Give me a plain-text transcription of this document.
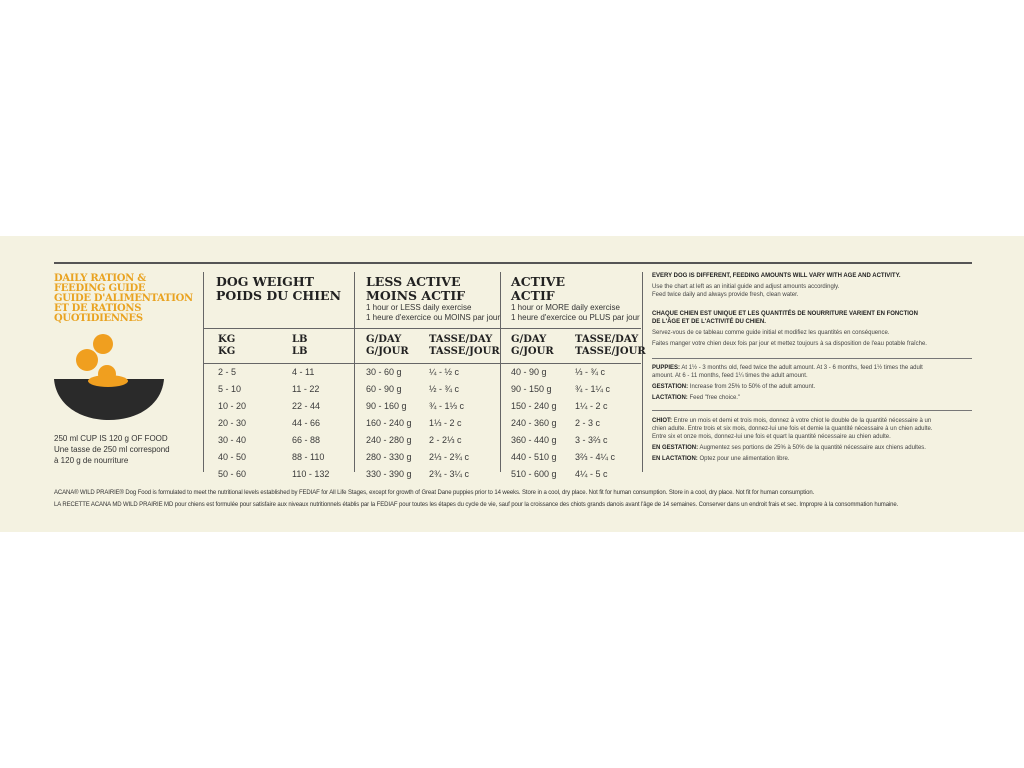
DAILY RATION &
FEEDING GUIDE
GUIDE D'ALIMENTATION
ET DE RATIONS
QUOTIDIENNES
250 ml CUP IS 120 g OF FOOD
Une tasse de 250 ml correspond
à 120 g de nourriture
DOG WEIGHT
POIDS DU CHIEN
LESS ACTIVE
MOINS ACTIF
1 hour or LESS daily exercise
1 heure d'exercice ou MOINS par jour
ACTIVE
ACTIF
1 hour or MORE daily exercise
1 heure d'exercice ou PLUS par jour
KG
KG
LB
LB
G/DAY
G/JOUR
TASSE/DAY
TASSE/JOUR
G/DAY
G/JOUR
TASSE/DAY
TASSE/JOUR
2 - 5
5 - 10
10 - 20
20 - 30
30 - 40
40 - 50
50 - 60
4 - 11
11 - 22
22 - 44
44 - 66
66 - 88
88 - 110
110 - 132
30 - 60 g
60 - 90 g
90 - 160 g
160 - 240 g
240 - 280 g
280 - 330 g
330 - 390 g
¼ - ½ c
½ - ¾ c
¾ - 1⅓ c
1⅓ - 2 c
2 - 2⅓ c
2⅓ - 2¾ c
2¾ - 3¼ c
40 - 90 g
90 - 150 g
150 - 240 g
240 - 360 g
360 - 440 g
440 - 510 g
510 - 600 g
⅓ - ¾ c
¾ - 1¼ c
1¼ - 2 c
2 - 3 c
3 - 3⅔ c
3⅔ - 4¼ c
4¼ - 5 c
EVERY DOG IS DIFFERENT, FEEDING AMOUNTS WILL VARY WITH AGE AND ACTIVITY.
Use the chart at left as an initial guide and adjust amounts accordingly.
Feed twice daily and always provide fresh, clean water.
CHAQUE CHIEN EST UNIQUE ET LES QUANTITÉS DE NOURRITURE VARIENT EN FONCTION
DE L'ÂGE ET DE L'ACTIVITÉ DU CHIEN.
Servez-vous de ce tableau comme guide initial et modifiez les quantités en conséquence.
Faites manger votre chien deux fois par jour et mettez toujours à sa disposition de l'eau potable fraîche.
PUPPIES: At 1½ - 3 months old, feed twice the adult amount. At 3 - 6 months, feed 1½ times the adult
amount. At 6 - 11 months, feed 1¼ times the adult amount.
GESTATION: Increase from 25% to 50% of the adult amount.
LACTATION: Feed "free choice."
CHIOT: Entre un mois et demi et trois mois, donnez à votre chiot le double de la quantité nécessaire à un
chien adulte. Entre trois et six mois, donnez-lui une fois et demie la quantité nécessaire à un chien adulte.
Entre six et onze mois, donnez-lui une fois et quart la quantité nécessaire au chien adulte.
EN GESTATION: Augmentez ses portions de 25% à 50% de la quantité nécessaire aux chiens adultes.
EN LACTATION: Optez pour une alimentation libre.
ACANA® WILD PRAIRIE® Dog Food is formulated to meet the nutritional levels established by FEDIAF for All Life Stages, except for growth of Great Dane puppies prior to 14 weeks. Store in a cool, dry place. Not fit for human consumption. Store in a cool, dry place. Not fit for human consumption.
LA RECETTE ACANA MD WILD PRAIRIE MD pour chiens est formulée pour satisfaire aux niveaux nutritionnels établis par la FEDIAF pour toutes les étapes du cycle de vie, sauf pour la croissance des chiots grands danois avant l'âge de 14 semaines. Conserver dans un endroit frais et sec. Impropre à la consommation humaine.
